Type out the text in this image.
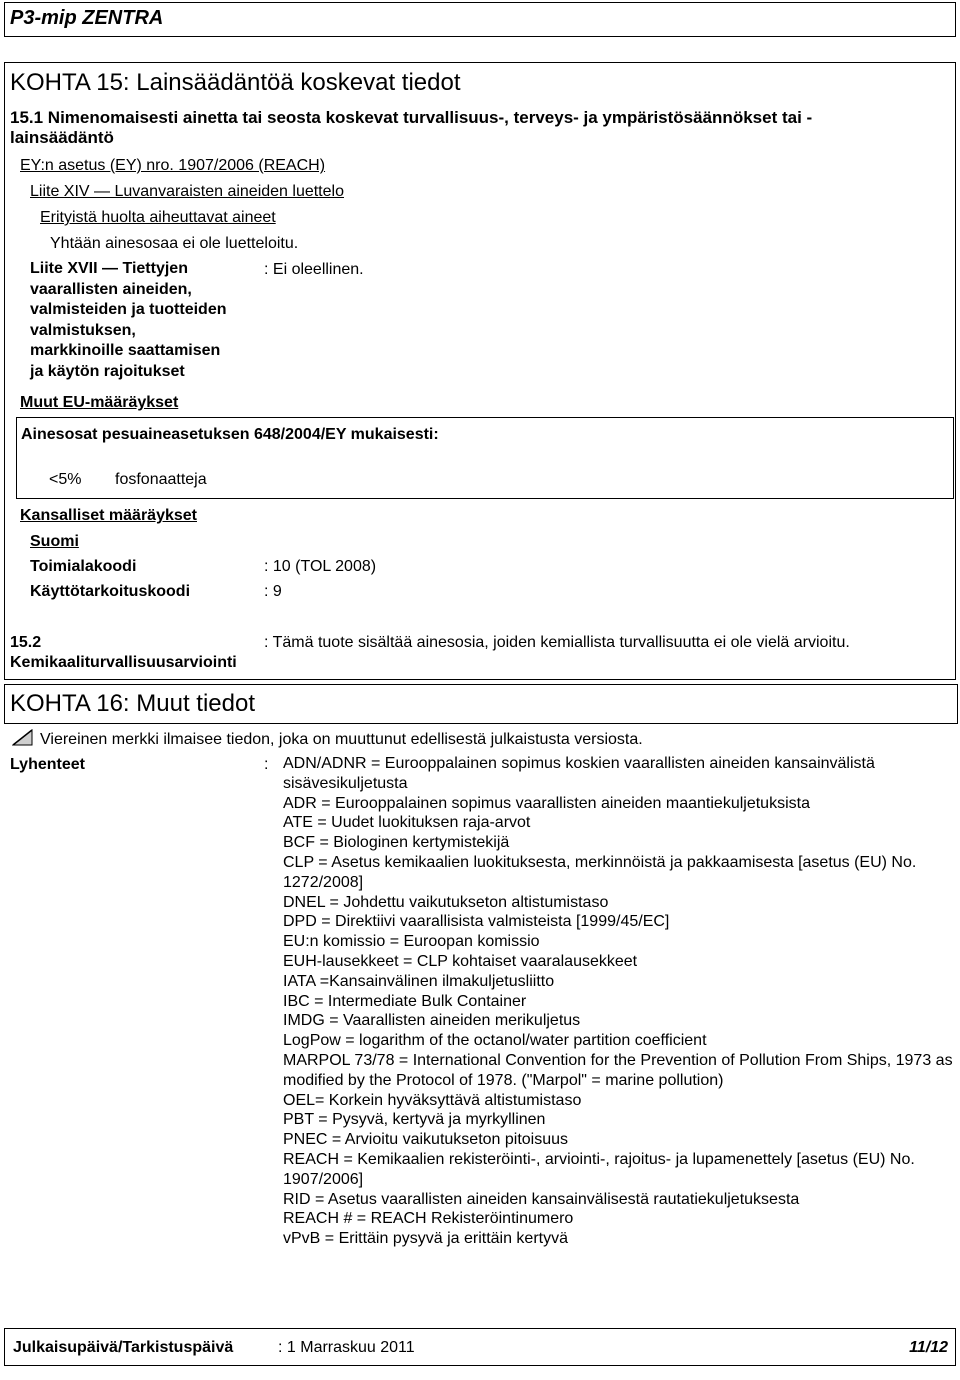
P3-mip ZENTRA
KOHTA 15: Lainsäädäntöä koskevat tiedot
15.1 Nimenomaisesti ainetta tai seosta koskevat turvallisuus-, terveys- ja ympäristösäännökset tai -
lainsäädäntö
EY:n asetus (EY) nro. 1907/2006 (REACH)
Liite XIV — Luvanvaraisten aineiden luettelo
Erityistä huolta aiheuttavat aineet
Yhtään ainesosaa ei ole luetteloitu.
Liite XVII — Tiettyjen
vaarallisten aineiden,
valmisteiden ja tuotteiden
valmistuksen,
markkinoille saattamisen
ja käytön rajoitukset
: Ei oleellinen.
Muut EU-määräykset
Ainesosat pesuaineasetuksen 648/2004/EY mukaisesti:
<5% fosfonaatteja
Kansalliset määräykset
Suomi
Toimialakoodi	: 10 (TOL 2008)
Käyttötarkoituskoodi	: 9
15.2
Kemikaaliturvallisuusarviointi
: Tämä tuote sisältää ainesosia, joiden kemiallista turvallisuutta ei ole vielä arvioitu.
KOHTA 16: Muut tiedot
Viereinen merkki ilmaisee tiedon, joka on muuttunut edellisestä julkaistusta versiosta.
Lyhenteet	: ADN/ADNR = Eurooppalainen sopimus koskien vaarallisten aineiden kansainvälistä sisävesikuljetusta
ADR = Eurooppalainen sopimus vaarallisten aineiden maantiekuljetuksista
ATE = Uudet luokituksen raja-arvot
BCF = Biologinen kertymistekijä
CLP = Asetus kemikaalien luokituksesta, merkinnöistä ja pakkaamisesta [asetus (EU) No. 1272/2008]
DNEL = Johdettu vaikutukseton altistumistaso
DPD = Direktiivi vaarallisista valmisteista [1999/45/EC]
EU:n komissio = Euroopan komissio
EUH-lausekkeet = CLP kohtaiset vaaralausekkeet
IATA =Kansainvälinen ilmakuljetusliitto
IBC = Intermediate Bulk Container
IMDG = Vaarallisten aineiden merikuljetus
LogPow = logarithm of the octanol/water partition coefficient
MARPOL 73/78 = International Convention for the Prevention of Pollution From Ships, 1973 as modified by the Protocol of 1978. ("Marpol" = marine pollution)
OEL= Korkein hyväksyttävä altistumistaso
PBT = Pysyvä, kertyvä ja myrkyllinen
PNEC = Arvioitu vaikutukseton pitoisuus
REACH = Kemikaalien rekisteröinti-, arviointi-, rajoitus- ja lupamenettely [asetus (EU) No. 1907/2006]
RID = Asetus vaarallisten aineiden kansainvälisestä rautatiekuljetuksesta
REACH # = REACH Rekisteröintinumero
vPvB = Erittäin pysyvä ja erittäin kertyvä
Julkaisupäivä/Tarkistuspäivä	: 1 Marraskuu 2011	11/12
